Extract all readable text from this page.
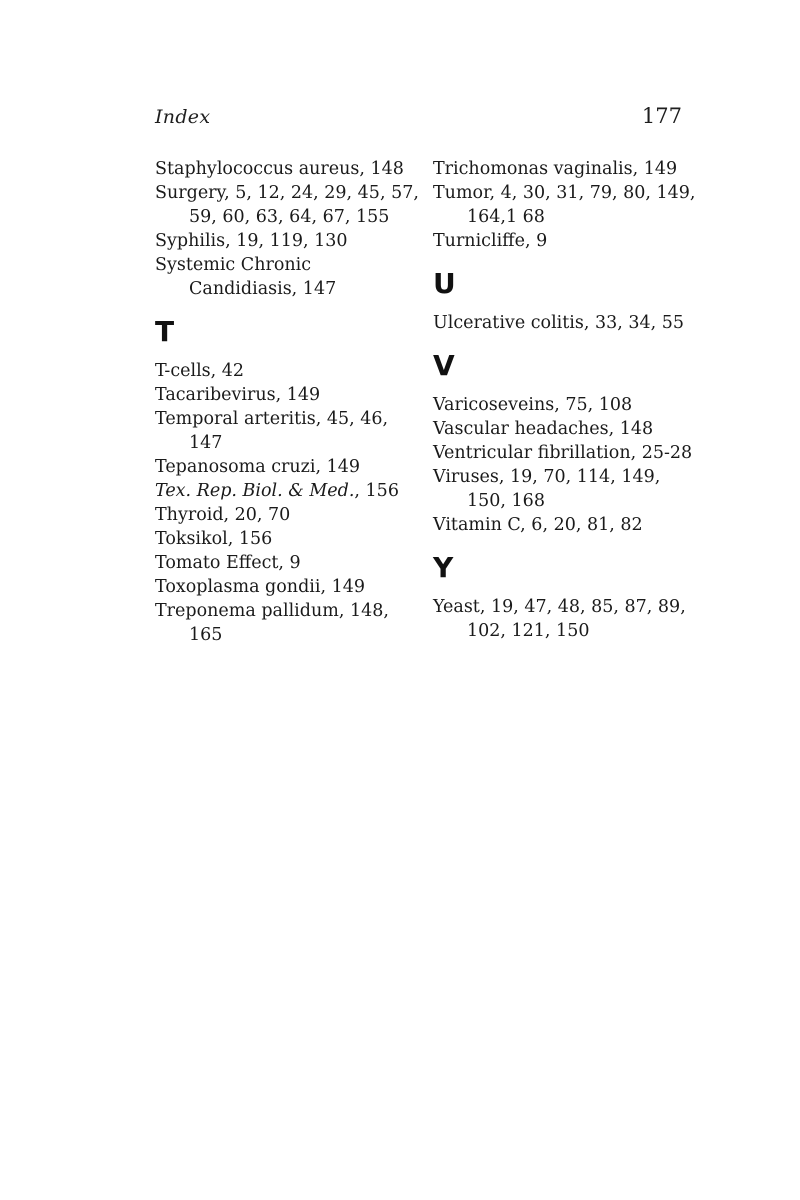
Index	177
Staphylococcus aureus, 148
Surgery, 5, 12, 24, 29, 45, 57, 59, 60, 63, 64, 67, 155
Syphilis, 19, 119, 130
Systemic Chronic Candidiasis, 147
T
T-cells, 42
Tacaribevirus, 149
Temporal arteritis, 45, 46, 147
Tepanosoma cruzi, 149
Tex. Rep. Biol. & Med., 156
Thyroid, 20, 70
Toksikol, 156
Tomato Effect, 9
Toxoplasma gondii, 149
Treponema pallidum, 148, 165
Trichomonas vaginalis, 149
Tumor, 4, 30, 31, 79, 80, 149, 164,1 68
Turnicliffe, 9
U
Ulcerative colitis, 33, 34, 55
V
Varicoseveins, 75, 108
Vascular headaches, 148
Ventricular fibrillation, 25-28
Viruses, 19, 70, 114, 149, 150, 168
Vitamin C, 6, 20, 81, 82
Y
Yeast, 19, 47, 48, 85, 87, 89, 102, 121, 150
